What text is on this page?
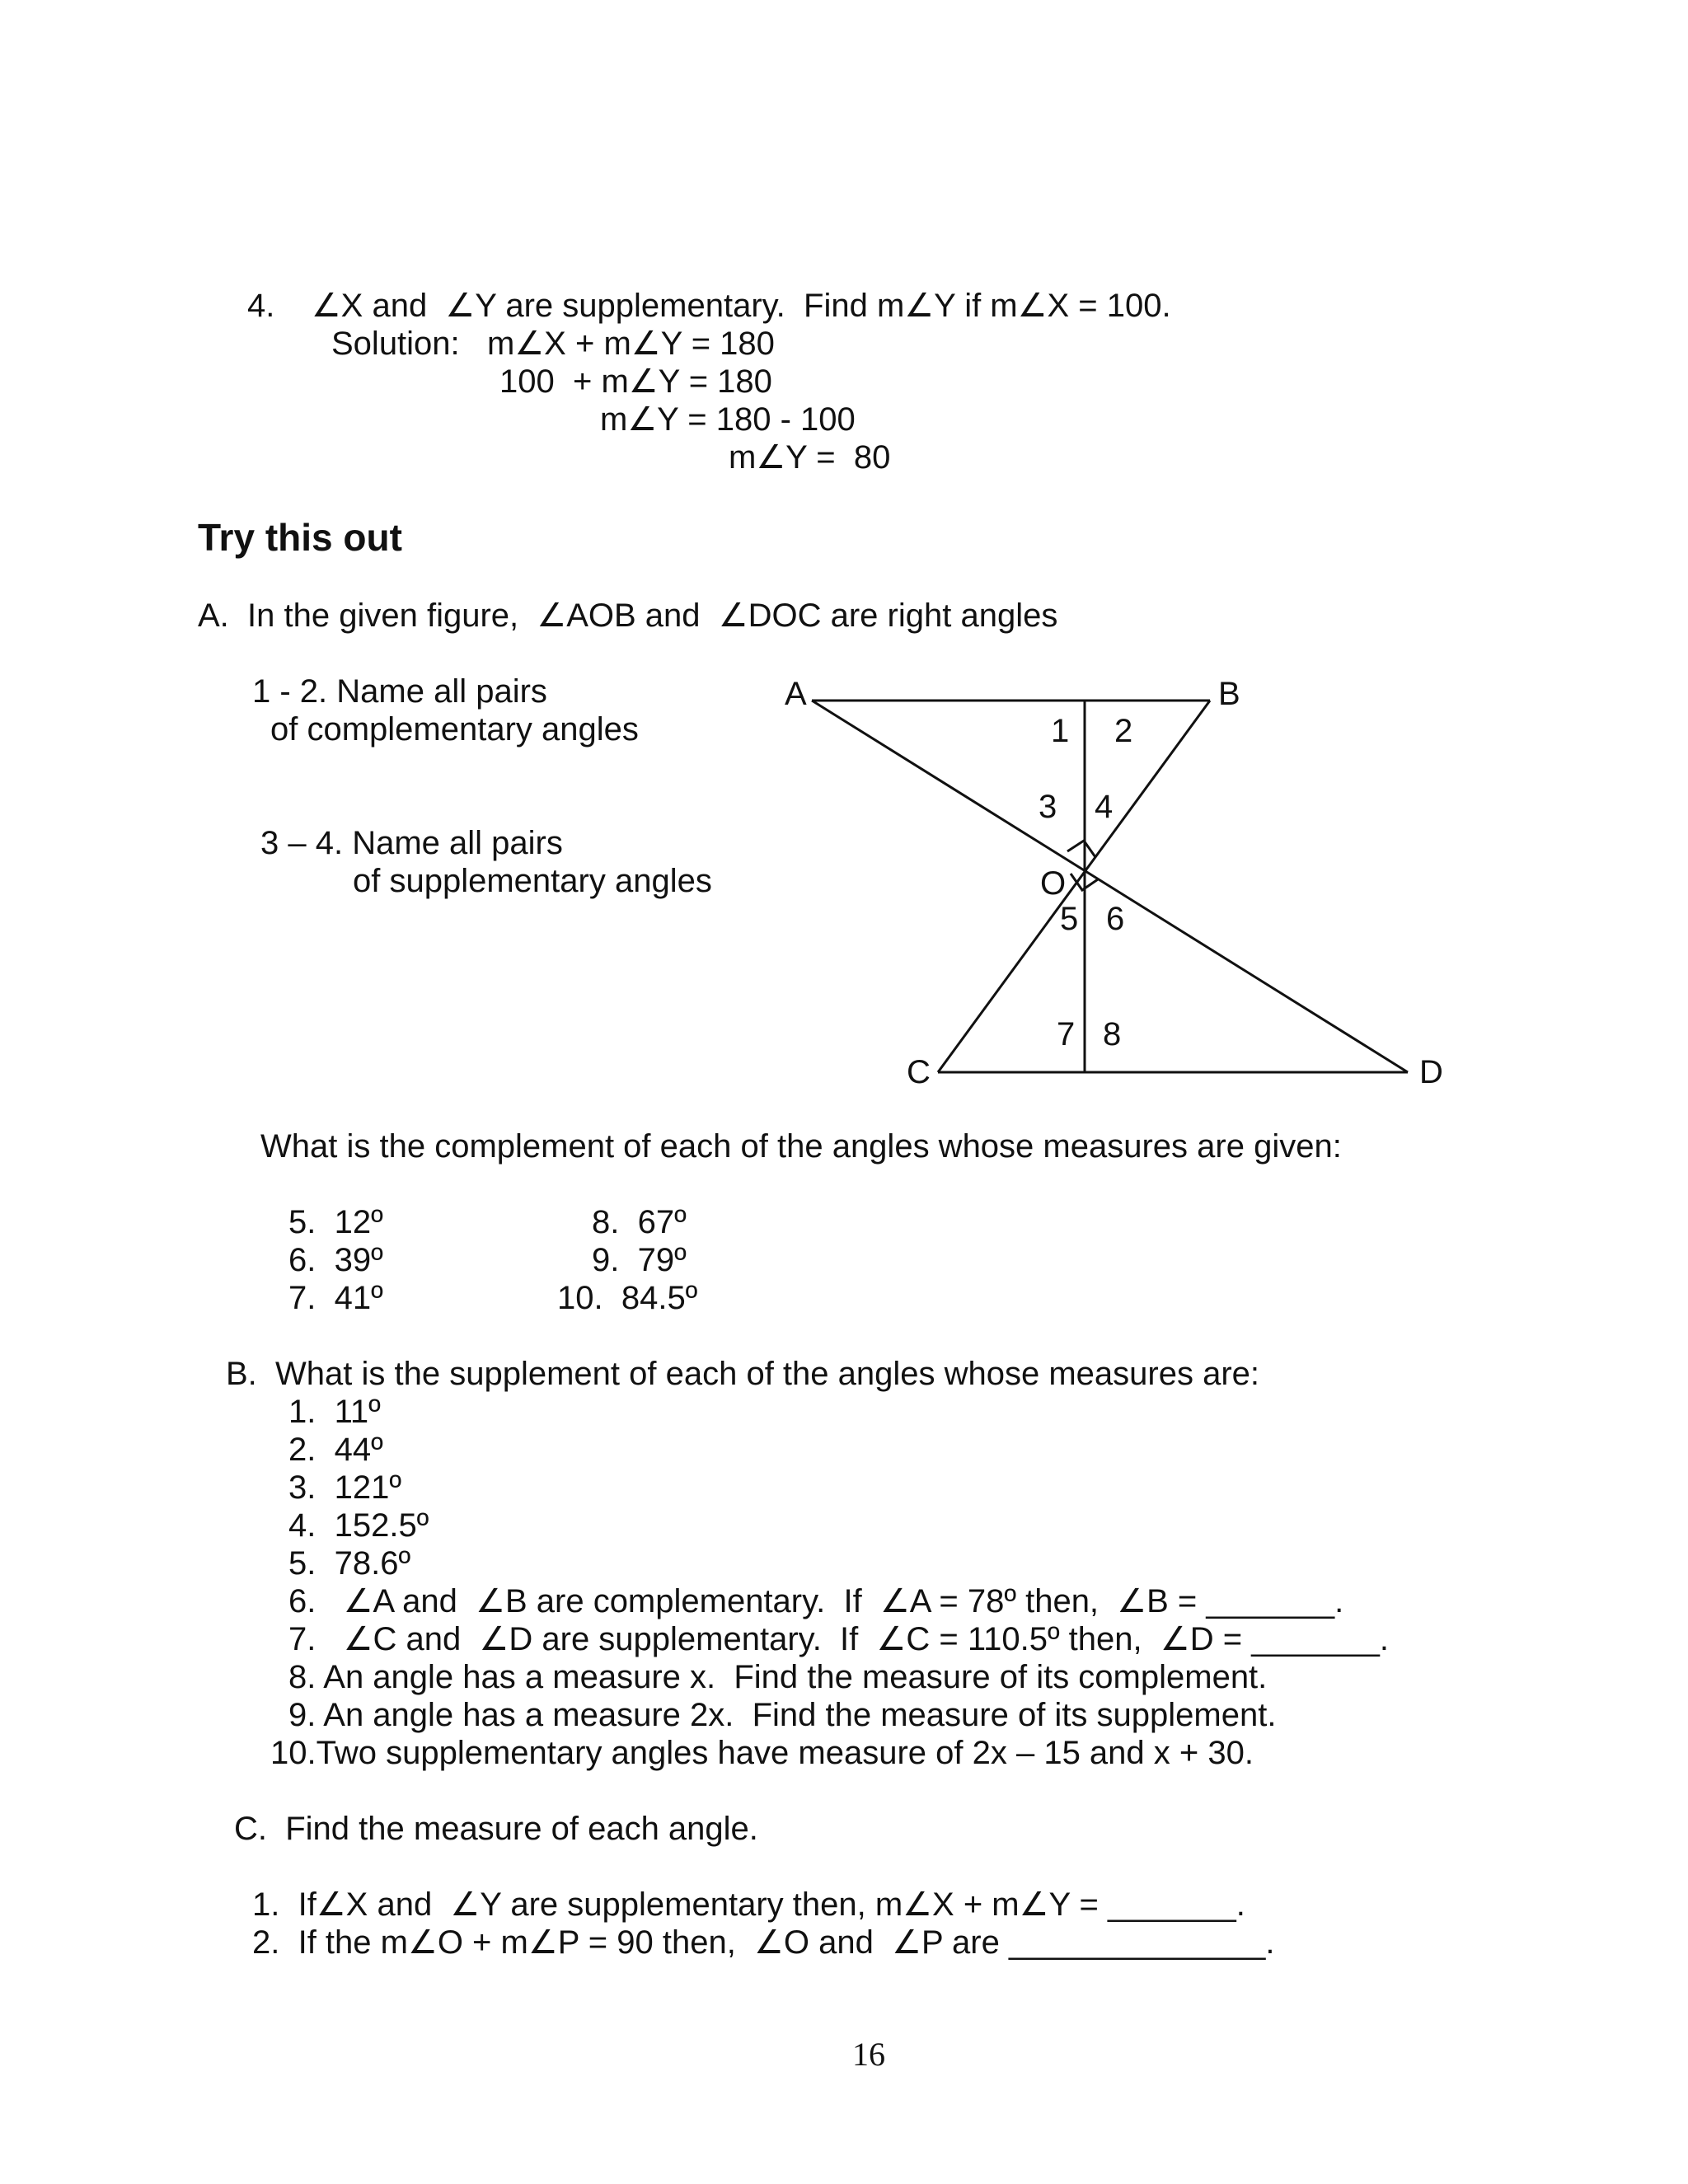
4.    ∠X and  ∠Y are supplementary.  Find m∠Y if m∠X = 100.
Solution:   m∠X + m∠Y = 180
100  + m∠Y = 180
m∠Y = 180 - 100
m∠Y =  80
Try this out
A.  In the given figure,  ∠AOB and  ∠DOC are right angles
1 - 2. Name all pairs
of complementary angles
3 – 4. Name all pairs
of supplementary angles
A	B
C	D
O
1 2
3 4
5 6
7 8
What is the complement of each of the angles whose measures are given:
5.  12º
6.  39º
7.  41º
8.  67º
9.  79º
10.  84.5º
B.  What is the supplement of each of the angles whose measures are:
1.  11º
2.  44º
3.  121º
4.  152.5º
5.  78.6º
6.   ∠A and  ∠B are complementary.  If  ∠A = 78º then,  ∠B = _______.
7.   ∠C and  ∠D are supplementary.  If  ∠C = 110.5º then,  ∠D = _______.
8. An angle has a measure x.  Find the measure of its complement.
9. An angle has a measure 2x.  Find the measure of its supplement.
10.Two supplementary angles have measure of 2x – 15 and x + 30.
C.  Find the measure of each angle.
1.  If∠X and  ∠Y are supplementary then, m∠X + m∠Y = _______.
2.  If the m∠O + m∠P = 90 then,  ∠O and  ∠P are ______________.
16
